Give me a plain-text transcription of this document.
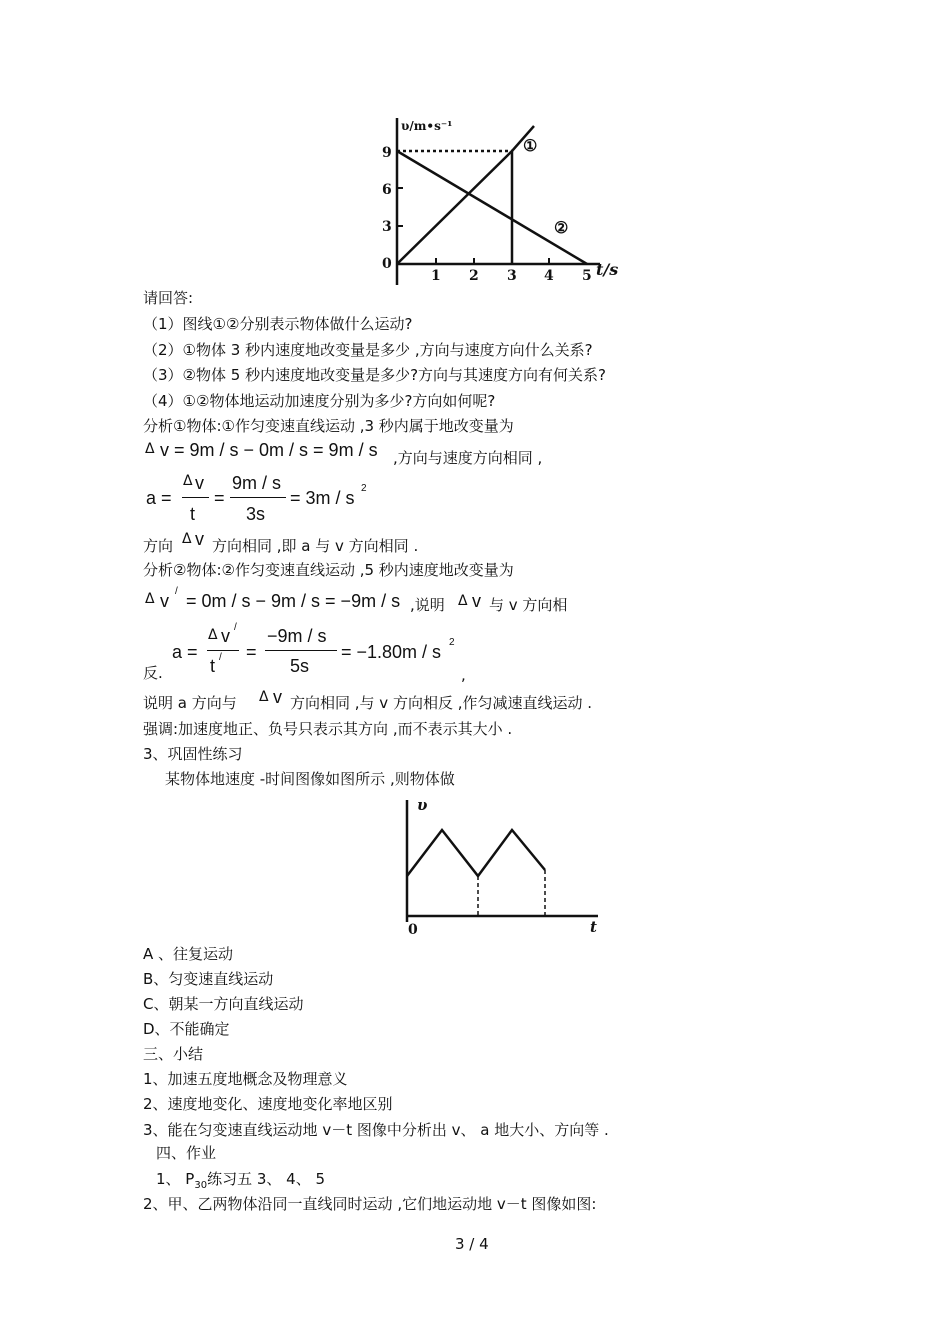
υ/m•s⁻¹
t/s
9
6
3
0
1 2 3 4 5
①
②
请回答:
（1）图线①②分别表示物体做什么运动?
（2）①物体 3 秒内速度地改变量是多少 ,方向与速度方向什么关系?
（3）②物体 5 秒内速度地改变量是多少?方向与其速度方向有何关系?
（4）①②物体地运动加速度分别为多少?方向如何呢?
分析①物体:①作匀变速直线运动 ,3 秒内属于地改变量为
Δ v = 9m / s − 0m / s = 9m / s ,方向与速度方向相同 ,
a =
Δ v
t
=
9m / s
3s
= 3m / s 2
方向 Δ v 方向相同 ,即 a 与 v 方向相同 .
分析②物体:②作匀变速直线运动 ,5 秒内速度地改变量为
Δ v / = 0m / s − 9m / s = −9m / s ,说明 Δ v 与 v 方向相
反.
a =
Δ v /
t / =
−9m / s
5s
= −1.80m / s 2
,
说明 a 方向与 Δ v 方向相同 ,与 v 方向相反 ,作匀减速直线运动 .
强调:加速度地正、负号只表示其方向 ,而不表示其大小 .
3、巩固性练习
某物体地速度 -时间图像如图所示 ,则物体做
υ
t
0
A 、往复运动
B、匀变速直线运动
C、朝某一方向直线运动
D、不能确定
三、小结
1、加速五度地概念及物理意义
2、速度地变化、速度地变化率地区别
3、能在匀变速直线运动地 v－t 图像中分析出 v、 a 地大小、方向等 .
四、作业
1、 $P_{30}$练习五 3、 4、 5
2、甲、乙两物体沿同一直线同时运动 ,它们地运动地 v－t 图像如图:
3 / 4
